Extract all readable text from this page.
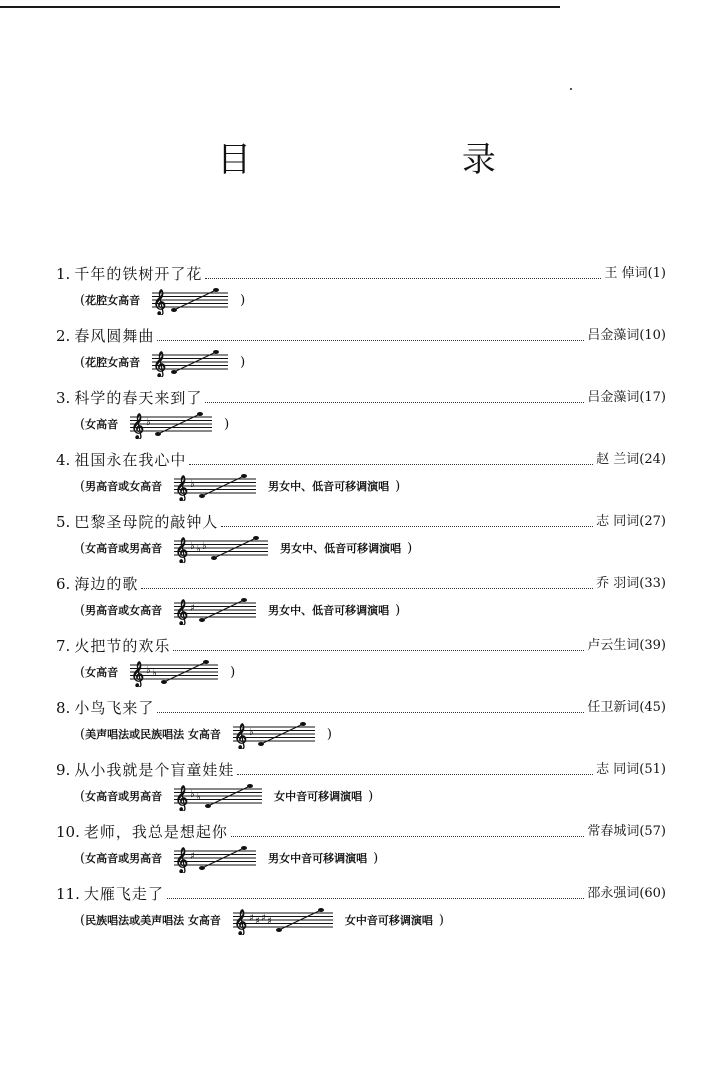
目 录
1. 千年的铁树开了花	王 倬词(1)
( 花腔女高音 𝄞	)
2. 春风圆舞曲	吕金藻词(10)
( 花腔女高音 𝄞	)
3. 科学的春天来到了	吕金藻词(17)
( 女高音 𝄞 ♭	)
4. 祖国永在我心中	赵 兰词(24)
( 男高音或女高音 𝄞 ♭	男女中、低音可移调演唱 )
5. 巴黎圣母院的敲钟人	志 同词(27)
( 女高音或男高音 𝄞 ♭ ♭ ♭	男女中、低音可移调演唱 )
6. 海边的歌	乔 羽词(33)
( 男高音或女高音 𝄞 ♯	男女中、低音可移调演唱 )
7. 火把节的欢乐	卢云生词(39)
( 女高音 𝄞 ♭ ♭	)
8. 小鸟飞来了	任卫新词(45)
( 美声唱法或民族唱法 女高音 𝄞 ♭	)
9. 从小我就是个盲童娃娃	志 同词(51)
( 女高音或男高音 𝄞 ♭ ♭	女中音可移调演唱 )
10. 老师，我总是想起你	常春城词(57)
( 女高音或男高音 𝄞 ♯	男女中音可移调演唱 )
11. 大雁飞走了	邵永强词(60)
( 民族唱法或美声唱法 女高音 𝄞 ♯ ♯ ♯ ♯	女中音可移调演唱 )
